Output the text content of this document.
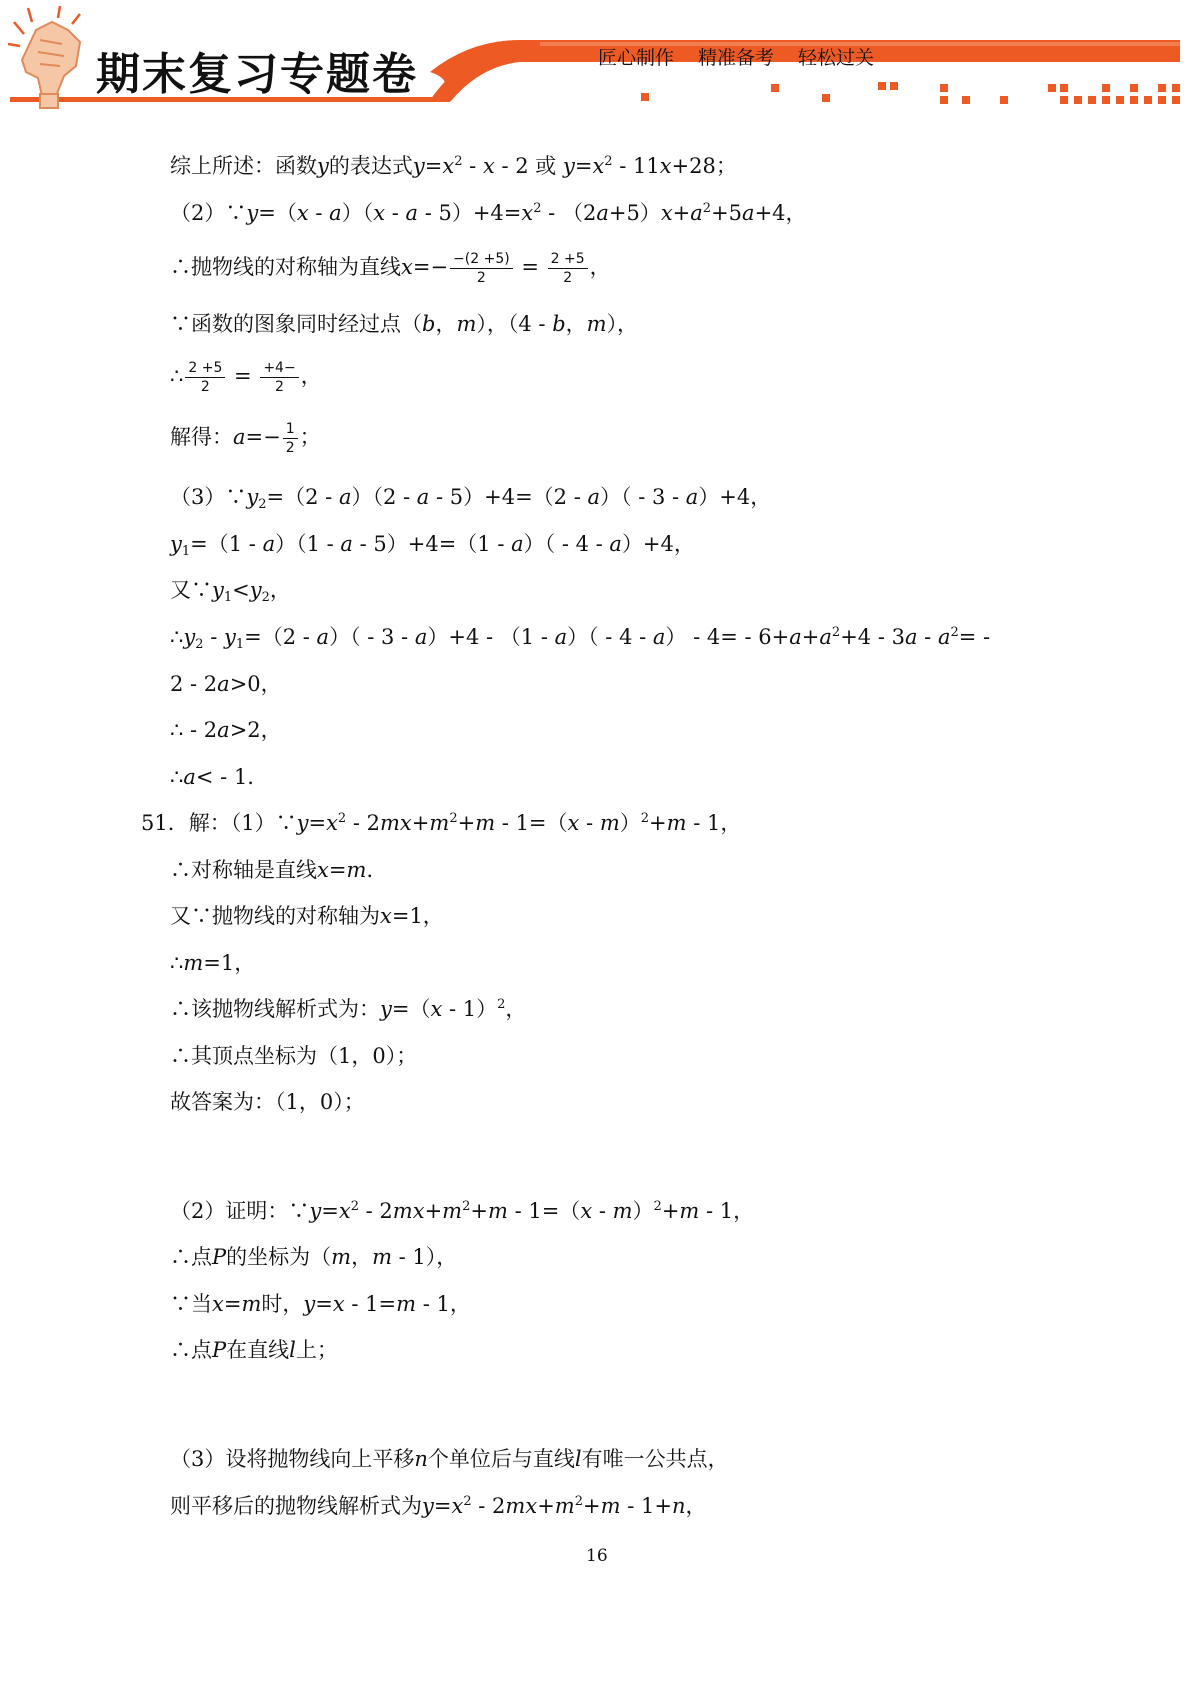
期末复习专题卷	匠心制作 精准备考 轻松过关
综上所述：函数y的表达式$y=x^2 - x - 2$ 或 $y=x^2 - 11x+28$；
（2）∵y=（x - $a)(x - a - 5)+4=x^2 - (2a+5)x+a^2+5a+4$，
∴抛物线的对称轴为直线$x=- \frac{-(2 +5)}{2} = \frac{2 +5}{2}$ ，
∵函数的图象同时经过点（b，m），（4 - b，m），
∴ $\frac{2 +5}{2} = \frac{+4-}{2}$ ，
解得：$a=- \frac{1}{2}$ ；
$(3)\because y_2=(2 - a)(2 - a - 5)+4=(2 - a)( - 3 - a)+4$，
$y_1=(1 - a)(1 - a - 5)+4=(1 - a)( - 4 - a)+4$，
又$\because y_1<y_2$，
$\therefore y_2 - y_1=(2 - a)( - 3 - a)+4 - (1 - a)( - 4 - a) - 4= - 6+a+a^2+4 - 3a - a^2=$ -
2 - 2a>0，
∴ - 2a>2，
∴a< - 1.
51．解：$(1)\because y=x^2 - 2mx+m^2+m - 1=(x - m)^2+m - 1$，
∴对称轴是直线x=m.
又∵抛物线的对称轴为x=1，
∴m=1，
∴该抛物线解析式为：y=（x - 1）$^2$，
∴其顶点坐标为（1，0）；
故答案为：（1，0）；
（2）证明：$\because y=x^2 - 2mx+m^2+m - 1=(x - m)^2+m - 1$，
∴点P的坐标为（m，m - 1），
∵当x=m时，y=x - 1=m - 1，
∴点P在直线l上；
（3）设将抛物线向上平移n个单位后与直线l有唯一公共点，
则平移后的抛物线解析式为$y=x^2 - 2mx+m^2+m - 1+n$，
16
